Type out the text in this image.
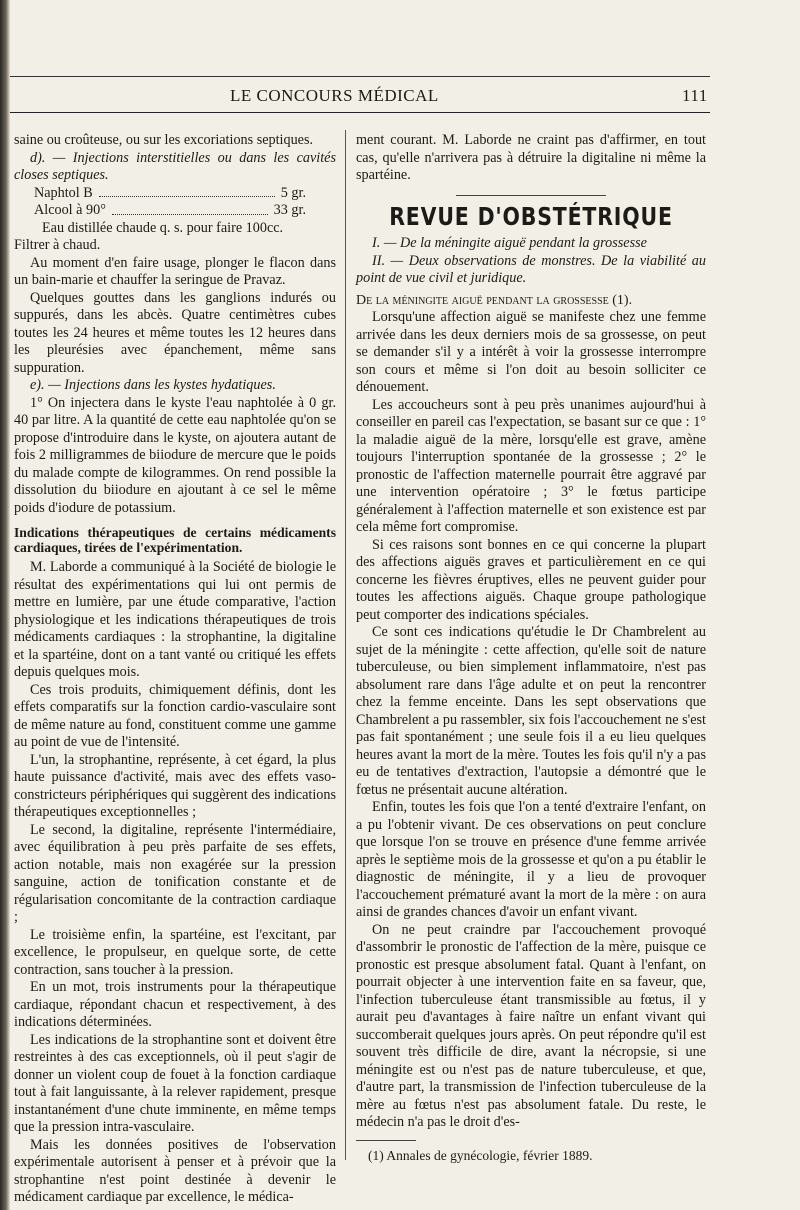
LE CONCOURS MÉDICAL	111

saine ou croûteuse, ou sur les excoriations septiques.

d). — Injections interstitielles ou dans les cavités closes septiques.

Naphtol B	5 gr.
Alcool à 90°	33 gr.
Eau distillée chaude q. s. pour faire 100cc.

Filtrer à chaud.

Au moment d'en faire usage, plonger le flacon dans un bain-marie et chauffer la seringue de Pravaz.

Quelques gouttes dans les ganglions indurés ou suppurés, dans les abcès. Quatre centimètres cubes toutes les 24 heures et même toutes les 12 heures dans les pleurésies avec épanchement, même sans suppuration.

e). — Injections dans les kystes hydatiques.

1° On injectera dans le kyste l'eau naphtolée à 0 gr. 40 par litre. A la quantité de cette eau naphtolée qu'on se propose d'introduire dans le kyste, on ajoutera autant de fois 2 milligrammes de biiodure de mercure que le poids du malade compte de kilogrammes. On rend possible la dissolution du biiodure en ajoutant à ce sel le même poids d'iodure de potassium.

Indications thérapeutiques de certains médicaments cardiaques, tirées de l'expérimentation.

M. Laborde a communiqué à la Société de biologie le résultat des expérimentations qui lui ont permis de mettre en lumière, par une étude comparative, l'action physiologique et les indications thérapeutiques de trois médicaments cardiaques : la strophantine, la digitaline et la spartéine, dont on a tant vanté ou critiqué les effets depuis quelques mois.

Ces trois produits, chimiquement définis, dont les effets comparatifs sur la fonction cardio-vasculaire sont de même nature au fond, constituent comme une gamme au point de vue de l'intensité.

L'un, la strophantine, représente, à cet égard, la plus haute puissance d'activité, mais avec des effets vaso-constricteurs périphériques qui suggèrent des indications thérapeutiques exceptionnelles ;

Le second, la digitaline, représente l'intermédiaire, avec équilibration à peu près parfaite de ses effets, action notable, mais non exagérée sur la pression sanguine, action de tonification constante et de régularisation concomitante de la contraction cardiaque ;

Le troisième enfin, la spartéine, est l'excitant, par excellence, le propulseur, en quelque sorte, de cette contraction, sans toucher à la pression.

En un mot, trois instruments pour la thérapeutique cardiaque, répondant chacun et respectivement, à des indications déterminées.

Les indications de la strophantine sont et doivent être restreintes à des cas exceptionnels, où il peut s'agir de donner un violent coup de fouet à la fonction cardiaque tout à fait languissante, à la relever rapidement, presque instantanément d'une chute imminente, en même temps que la pression intra-vasculaire.

Mais les données positives de l'observation expérimentale autorisent à penser et à prévoir que la strophantine n'est point destinée à devenir le médicament cardiaque par excellence, le médica-

ment courant. M. Laborde ne craint pas d'affirmer, en tout cas, qu'elle n'arrivera pas à détruire la digitaline ni même la spartéine.

REVUE D'OBSTÉTRIQUE

I. — De la méningite aiguë pendant la grossesse

II. — Deux observations de monstres. De la viabilité au point de vue civil et juridique.

De la méningite aiguë pendant la grossesse (1).

Lorsqu'une affection aiguë se manifeste chez une femme arrivée dans les deux derniers mois de sa grossesse, on peut se demander s'il y a intérêt à voir la grossesse interrompre son cours et même si l'on doit au besoin solliciter ce dénouement.

Les accoucheurs sont à peu près unanimes aujourd'hui à conseiller en pareil cas l'expectation, se basant sur ce que : 1° la maladie aiguë de la mère, lorsqu'elle est grave, amène toujours l'interruption spontanée de la grossesse ; 2° le pronostic de l'affection maternelle pourrait être aggravé par une intervention opératoire ; 3° le fœtus participe généralement à l'affection maternelle et son existence est par cela même fort compromise.

Si ces raisons sont bonnes en ce qui concerne la plupart des affections aiguës graves et particulièrement en ce qui concerne les fièvres éruptives, elles ne peuvent guider pour toutes les affections aiguës. Chaque groupe pathologique peut comporter des indications spéciales.

Ce sont ces indications qu'étudie le Dr Chambrelent au sujet de la méningite : cette affection, qu'elle soit de nature tuberculeuse, ou bien simplement inflammatoire, n'est pas absolument rare dans l'âge adulte et on peut la rencontrer chez la femme enceinte. Dans les sept observations que Chambrelent a pu rassembler, six fois l'accouchement ne s'est pas fait spontanément ; une seule fois il a eu lieu quelques heures avant la mort de la mère. Toutes les fois qu'il n'y a pas eu de tentatives d'extraction, l'autopsie a démontré que le fœtus ne présentait aucune altération.

Enfin, toutes les fois que l'on a tenté d'extraire l'enfant, on a pu l'obtenir vivant. De ces observations on peut conclure que lorsque l'on se trouve en présence d'une femme arrivée après le septième mois de la grossesse et qu'on a pu établir le diagnostic de méningite, il y a lieu de provoquer l'accouchement prématuré avant la mort de la mère : on aura ainsi de grandes chances d'avoir un enfant vivant.

On ne peut craindre par l'accouchement provoqué d'assombrir le pronostic de l'affection de la mère, puisque ce pronostic est presque absolument fatal. Quant à l'enfant, on pourrait objecter à une intervention faite en sa faveur, que, l'infection tuberculeuse étant transmissible au fœtus, il y aurait peu d'avantages à faire naître un enfant vivant qui succomberait quelques jours après. On peut répondre qu'il est souvent très difficile de dire, avant la nécropsie, si une méningite est ou n'est pas de nature tuberculeuse, et que, d'autre part, la transmission de l'infection tuberculeuse de la mère au fœtus n'est pas absolument fatale. Du reste, le médecin n'a pas le droit d'es-

(1) Annales de gynécologie, février 1889.
